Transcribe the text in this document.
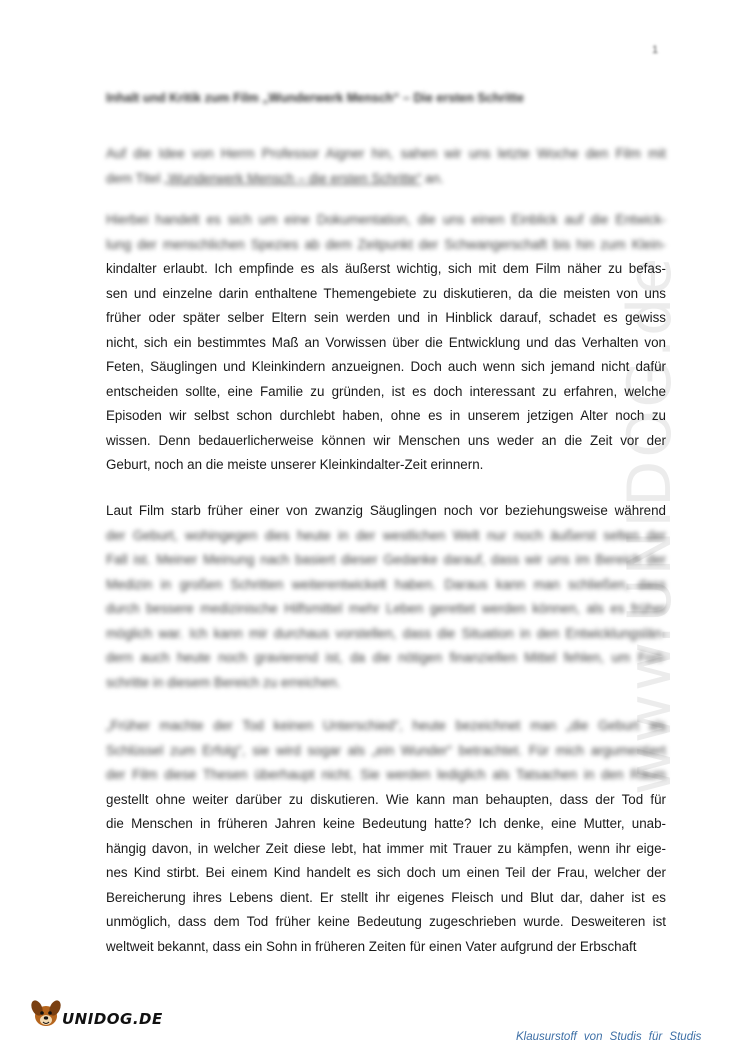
1
Inhalt und Kritik zum Film „Wunderwerk Mensch“ – Die ersten Schritte
www.UNIDOG.de
Auf die Idee von Herrn Professor Aigner hin, sahen wir uns letzte Woche den Film mit
dem Titel „Wunderwerk Mensch – die ersten Schritte“ an.
Hierbei handelt es sich um eine Dokumentation, die uns einen Einblick auf die Entwick-
lung der menschlichen Spezies ab dem Zeitpunkt der Schwangerschaft bis hin zum Klein-
kindalter erlaubt. Ich empfinde es als äußerst wichtig, sich mit dem Film näher zu befas-
sen und einzelne darin enthaltene Themengebiete zu diskutieren, da die meisten von uns
früher oder später selber Eltern sein werden und in Hinblick darauf, schadet es gewiss
nicht, sich ein bestimmtes Maß an Vorwissen über die Entwicklung und das Verhalten von
Feten, Säuglingen und Kleinkindern anzueignen. Doch auch wenn sich jemand nicht dafür
entscheiden sollte, eine Familie zu gründen, ist es doch interessant zu erfahren, welche
Episoden wir selbst schon durchlebt haben, ohne es in unserem jetzigen Alter noch zu
wissen. Denn bedauerlicherweise können wir Menschen uns weder an die Zeit vor der
Geburt, noch an die meiste unserer Kleinkindalter-Zeit erinnern.
Laut Film starb früher einer von zwanzig Säuglingen noch vor beziehungsweise während
der Geburt, wohingegen dies heute in der westlichen Welt nur noch äußerst selten der
Fall ist. Meiner Meinung nach basiert dieser Gedanke darauf, dass wir uns im Bereich der
Medizin in großen Schritten weiterentwickelt haben. Daraus kann man schließen, dass
durch bessere medizinische Hilfsmittel mehr Leben gerettet werden können, als es früher
möglich war. Ich kann mir durchaus vorstellen, dass die Situation in den Entwicklungslän-
dern auch heute noch gravierend ist, da die nötigen finanziellen Mittel fehlen, um Fort-
schritte in diesem Bereich zu erreichen.
„Früher machte der Tod keinen Unterschied“, heute bezeichnet man „die Geburt als
Schlüssel zum Erfolg“, sie wird sogar als „ein Wunder“ betrachtet. Für mich argumentiert
der Film diese Thesen überhaupt nicht. Sie werden lediglich als Tatsachen in den Raum
gestellt ohne weiter darüber zu diskutieren. Wie kann man behaupten, dass der Tod für
die Menschen in früheren Jahren keine Bedeutung hatte? Ich denke, eine Mutter, unab-
hängig davon, in welcher Zeit diese lebt, hat immer mit Trauer zu kämpfen, wenn ihr eige-
nes Kind stirbt. Bei einem Kind handelt es sich doch um einen Teil der Frau, welcher der
Bereicherung ihres Lebens dient. Er stellt ihr eigenes Fleisch und Blut dar, daher ist es
unmöglich, dass dem Tod früher keine Bedeutung zugeschrieben wurde. Desweiteren ist
weltweit bekannt, dass ein Sohn in früheren Zeiten für einen Vater aufgrund der Erbschaft
UNIDOG.DE
Klausurstoff von Studis für Studis
